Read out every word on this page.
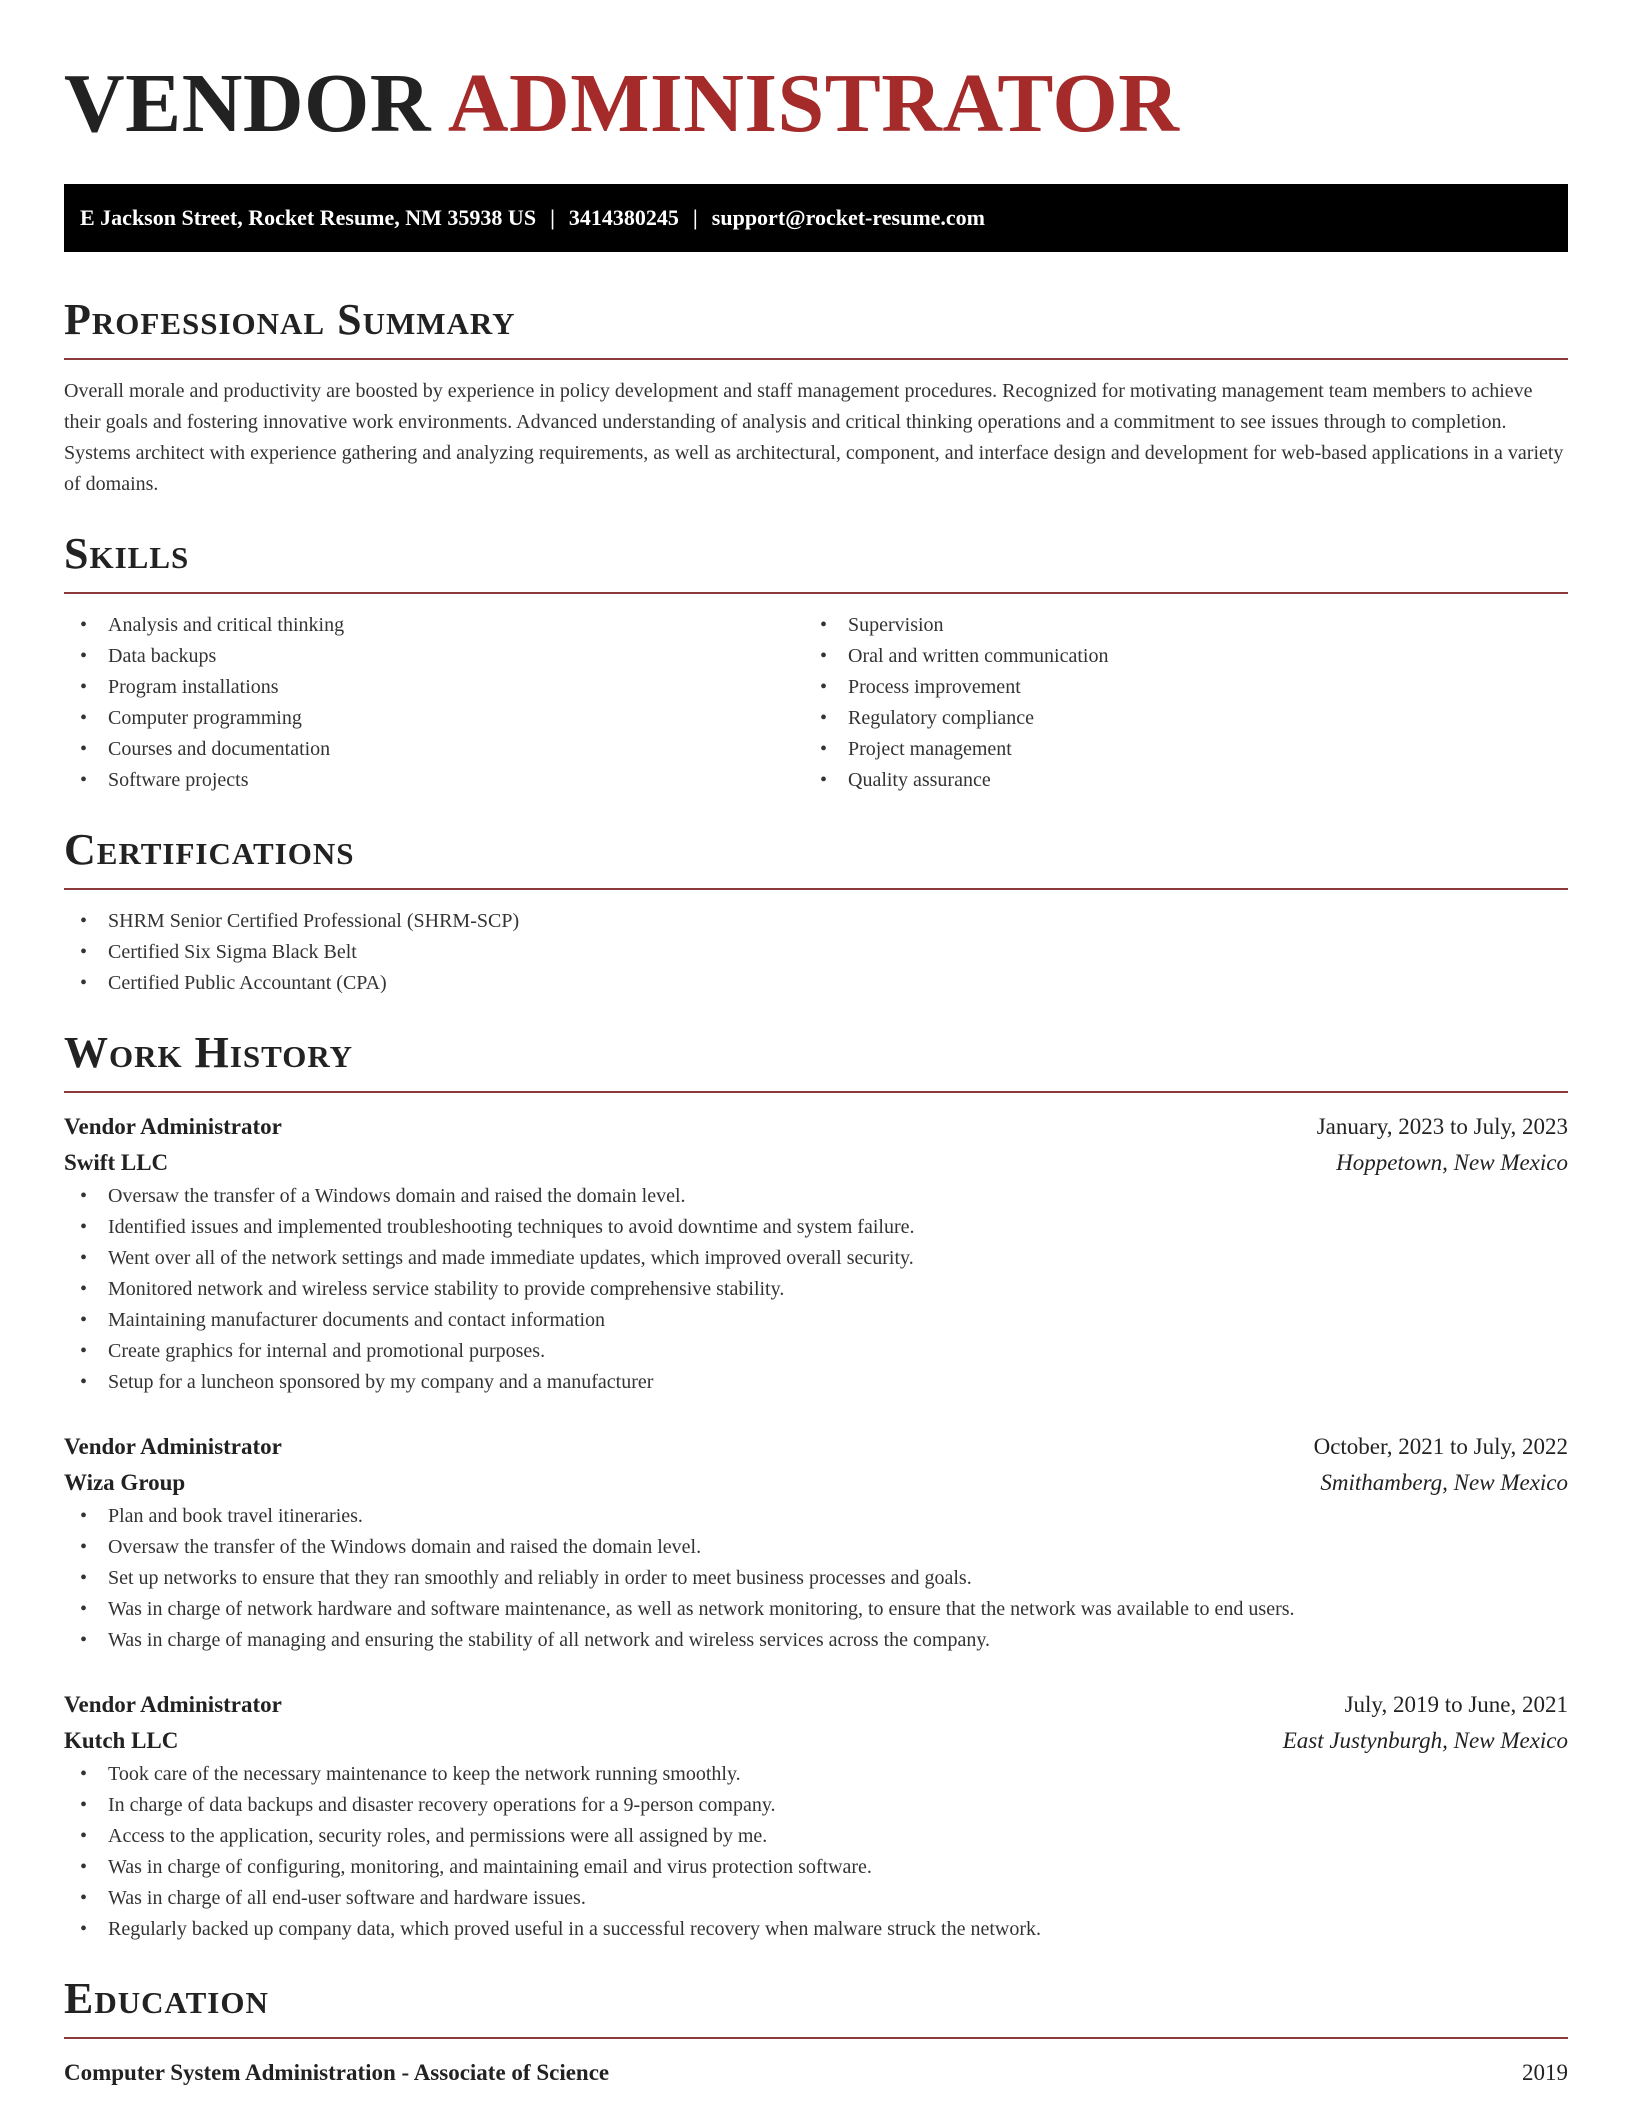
VENDOR ADMINISTRATOR
E Jackson Street, Rocket Resume, NM 35938 US | 3414380245 | support@rocket-resume.com
Professional Summary

Overall morale and productivity are boosted by experience in policy development and staff management procedures. Recognized for motivating management team members to achieve their goals and fostering innovative work environments. Advanced understanding of analysis and critical thinking operations and a commitment to see issues through to completion. Systems architect with experience gathering and analyzing requirements, as well as architectural, component, and interface design and development for web-based applications in a variety of domains.

Skills
• Analysis and critical thinking
• Data backups
• Program installations
• Computer programming
• Courses and documentation
• Software projects
• Supervision
• Oral and written communication
• Process improvement
• Regulatory compliance
• Project management
• Quality assurance
Certifications
• SHRM Senior Certified Professional (SHRM-SCP)
• Certified Six Sigma Black Belt
• Certified Public Accountant (CPA)
Work History
Vendor Administrator	January, 2023 to July, 2023
Swift LLC	Hoppetown, New Mexico
• Oversaw the transfer of a Windows domain and raised the domain level.
• Identified issues and implemented troubleshooting techniques to avoid downtime and system failure.
• Went over all of the network settings and made immediate updates, which improved overall security.
• Monitored network and wireless service stability to provide comprehensive stability.
• Maintaining manufacturer documents and contact information
• Create graphics for internal and promotional purposes.
• Setup for a luncheon sponsored by my company and a manufacturer
Vendor Administrator	October, 2021 to July, 2022
Wiza Group	Smithamberg, New Mexico
• Plan and book travel itineraries.
• Oversaw the transfer of the Windows domain and raised the domain level.
• Set up networks to ensure that they ran smoothly and reliably in order to meet business processes and goals.
• Was in charge of network hardware and software maintenance, as well as network monitoring, to ensure that the network was available to end users.
• Was in charge of managing and ensuring the stability of all network and wireless services across the company.
Vendor Administrator	July, 2019 to June, 2021
Kutch LLC	East Justynburgh, New Mexico
• Took care of the necessary maintenance to keep the network running smoothly.
• In charge of data backups and disaster recovery operations for a 9-person company.
• Access to the application, security roles, and permissions were all assigned by me.
• Was in charge of configuring, monitoring, and maintaining email and virus protection software.
• Was in charge of all end-user software and hardware issues.
• Regularly backed up company data, which proved useful in a successful recovery when malware struck the network.
Education
Computer System Administration - Associate of Science	2019
